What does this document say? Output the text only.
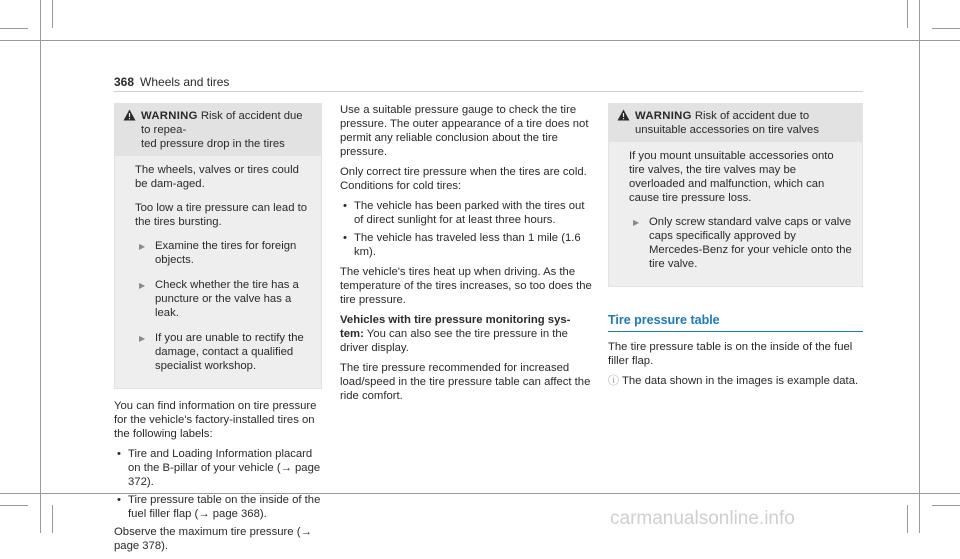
368 Wheels and tires
WARNING Risk of accident due to repea-
ted pressure drop in the tires

The wheels, valves or tires could be dam-aged.

Too low a tire pressure can lead to the tires bursting.

▶ Examine the tires for foreign objects.
▶ Check whether the tire has a puncture or the valve has a leak.
▶ If you are unable to rectify the damage, contact a qualified specialist workshop.

You can find information on tire pressure for the vehicle's factory-installed tires on the following labels:

• Tire and Loading Information placard on the B-pillar of your vehicle (→ page 372).
• Tire pressure table on the inside of the fuel filler flap (→ page 368).

Observe the maximum tire pressure (→ page 378).

Use a suitable pressure gauge to check the tire pressure. The outer appearance of a tire does not permit any reliable conclusion about the tire pressure.

Only correct tire pressure when the tires are cold. Conditions for cold tires:

• The vehicle has been parked with the tires out of direct sunlight for at least three hours.
• The vehicle has traveled less than 1 mile (1.6 km).

The vehicle's tires heat up when driving. As the temperature of the tires increases, so too does the tire pressure.

Vehicles with tire pressure monitoring sys-tem: You can also see the tire pressure in the driver display.

The tire pressure recommended for increased load/speed in the tire pressure table can affect the ride comfort.

WARNING Risk of accident due to
unsuitable accessories on tire valves

If you mount unsuitable accessories onto tire valves, the tire valves may be overloaded and malfunction, which can cause tire pressure loss.

▶ Only screw standard valve caps or valve caps specifically approved by Mercedes-Benz for your vehicle onto the tire valve.
Tire pressure table

The tire pressure table is on the inside of the fuel filler flap.

ⓘ The data shown in the images is example data.
carmanualsonline.info
